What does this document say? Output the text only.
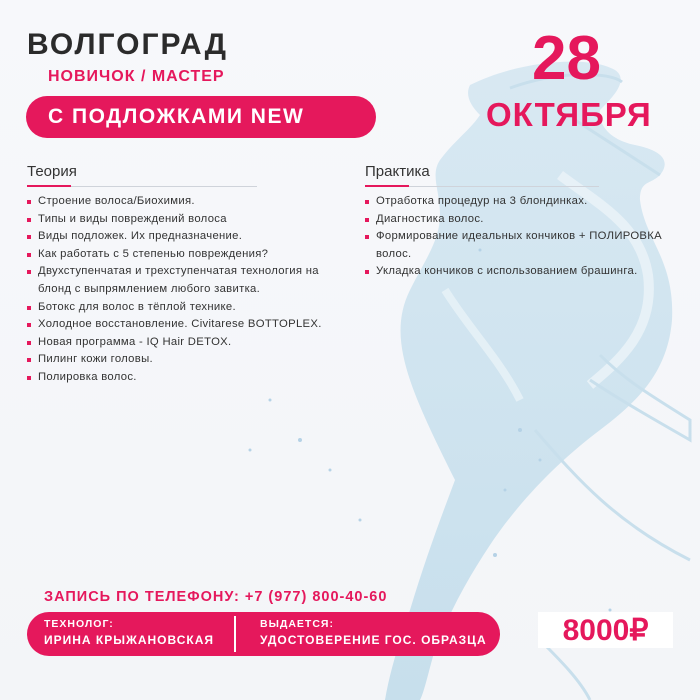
ВОЛГОГРАД
НОВИЧОК / МАСТЕР
С ПОДЛОЖКАМИ NEW
28
ОКТЯБРЯ
Теория
Строение волоса/Биохимия.
Типы и виды повреждений волоса
Виды подложек. Их предназначение.
Как работать с 5 степенью повреждения?
Двухступенчатая и трехступенчатая технология на
блонд с выпрямлением любого завитка.
Ботокс для волос в тёплой технике.
Холодное восстановление. Civitarese BOTTOPLEX.
Новая программа - IQ Hair DETOX.
Пилинг кожи головы.
Полировка волос.
Практика
Отработка процедур на 3 блондинках.
Диагностика волос.
Формирование идеальных кончиков + ПОЛИРОВКА
волос.
Укладка кончиков с использованием брашинга.
ЗАПИСЬ ПО ТЕЛЕФОНУ: +7 (977) 800-40-60
ТЕХНОЛОГ:
ИРИНА КРЫЖАНОВСКАЯ
ВЫДАЕТСЯ:
УДОСТОВЕРЕНИЕ ГОС. ОБРАЗЦА	8000₽
